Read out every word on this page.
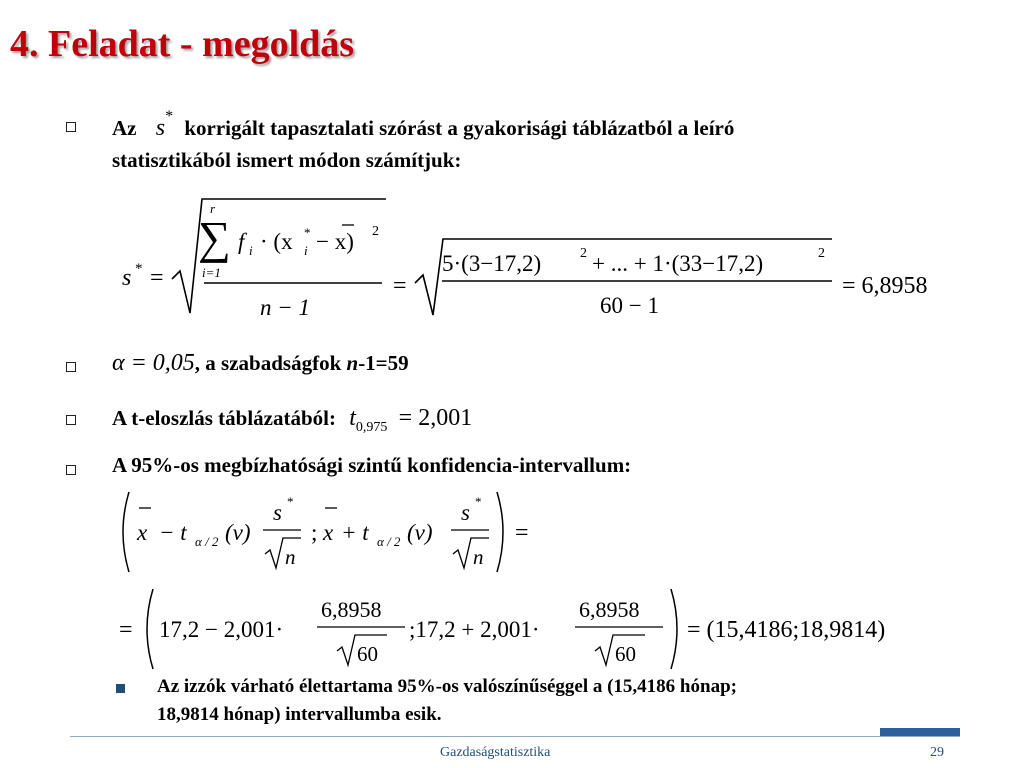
4. Feladat - megoldás
Az s* korrigált tapasztalati szórást a gyakorisági táblázatból a leíró
statisztikából ismert módon számítjuk:
s * =
r
∑
i=1
f i · (x *
i − x) 2
n − 1
=
5·(3−17,2)	2 + ... + 1·(33−17,2)	2
60 − 1
= 6,8958
α = 0,05, a szabadságfok n-1=59
A t-eloszlás táblázatából: $t_{0,975} = 2,001$
A 95%-os megbízhatósági szintű konfidencia-intervallum:
x − t α / 2 (ν)
s *
n
; x + t α / 2 (ν)
s *
n
=
= 17,2 − 2,001·
6,8958
60
;17,2 + 2,001·
6,8958
60
= (15,4186;18,9814)
Az izzók várható élettartama 95%-os valószínűséggel a (15,4186 hónap;
18,9814 hónap) intervallumba esik.
Gazdaságstatisztika	29
